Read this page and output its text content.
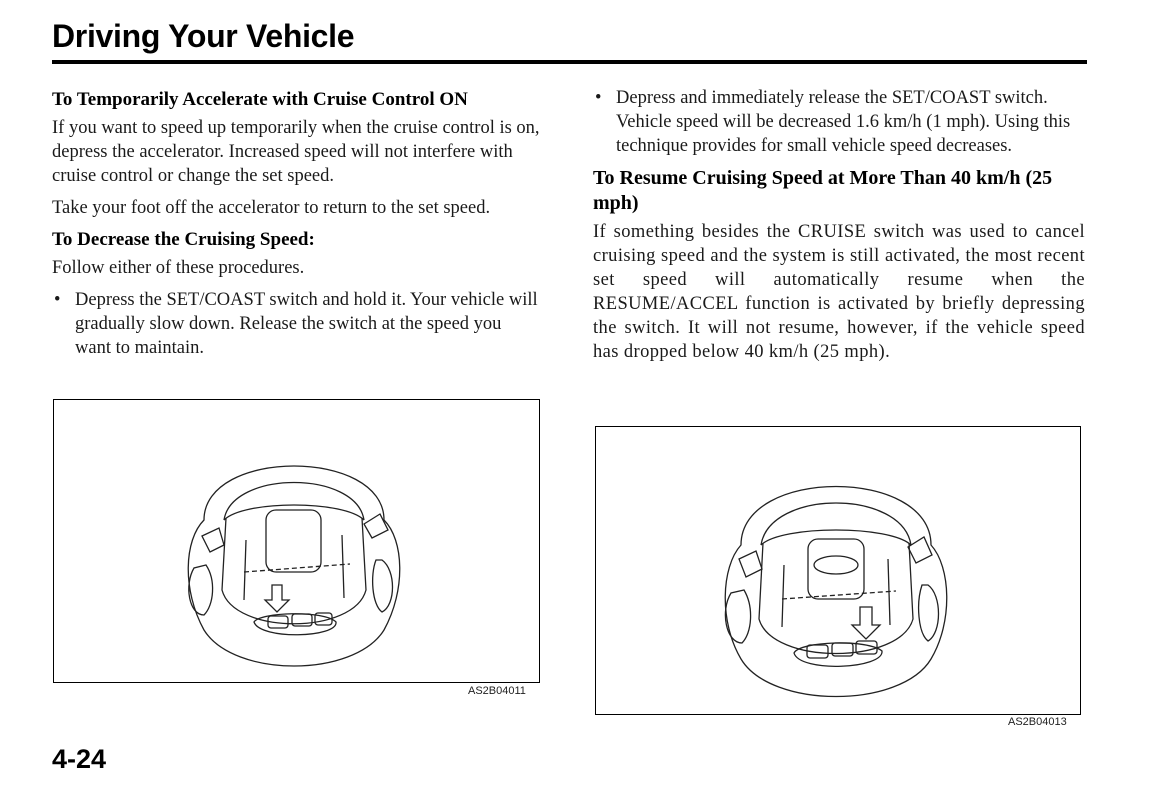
Driving Your Vehicle
To Temporarily Accelerate with Cruise Control ON

If you want to speed up temporarily when the cruise control is on, depress the accelerator. Increased speed will not interfere with cruise control or change the set speed.

Take your foot off the accelerator to return to the set speed.

To Decrease the Cruising Speed:

Follow either of these procedures.

• Depress the SET/COAST switch and hold it. Your vehicle will gradually slow down. Release the switch at the speed you want to maintain.
AS2B04011
• Depress and immediately release the SET/COAST switch. Vehicle speed will be decreased 1.6 km/h (1 mph). Using this technique provides for small vehicle speed decreases.
To Resume Cruising Speed at More Than 40 km/h (25 mph)

If something besides the CRUISE switch was used to cancel cruising speed and the system is still activated, the most recent set speed will automatically resume when the RESUME/ACCEL function is activated by briefly depressing the switch. It will not resume, however, if the vehicle speed has dropped below 40 km/h (25 mph).

AS2B04013
4-24
